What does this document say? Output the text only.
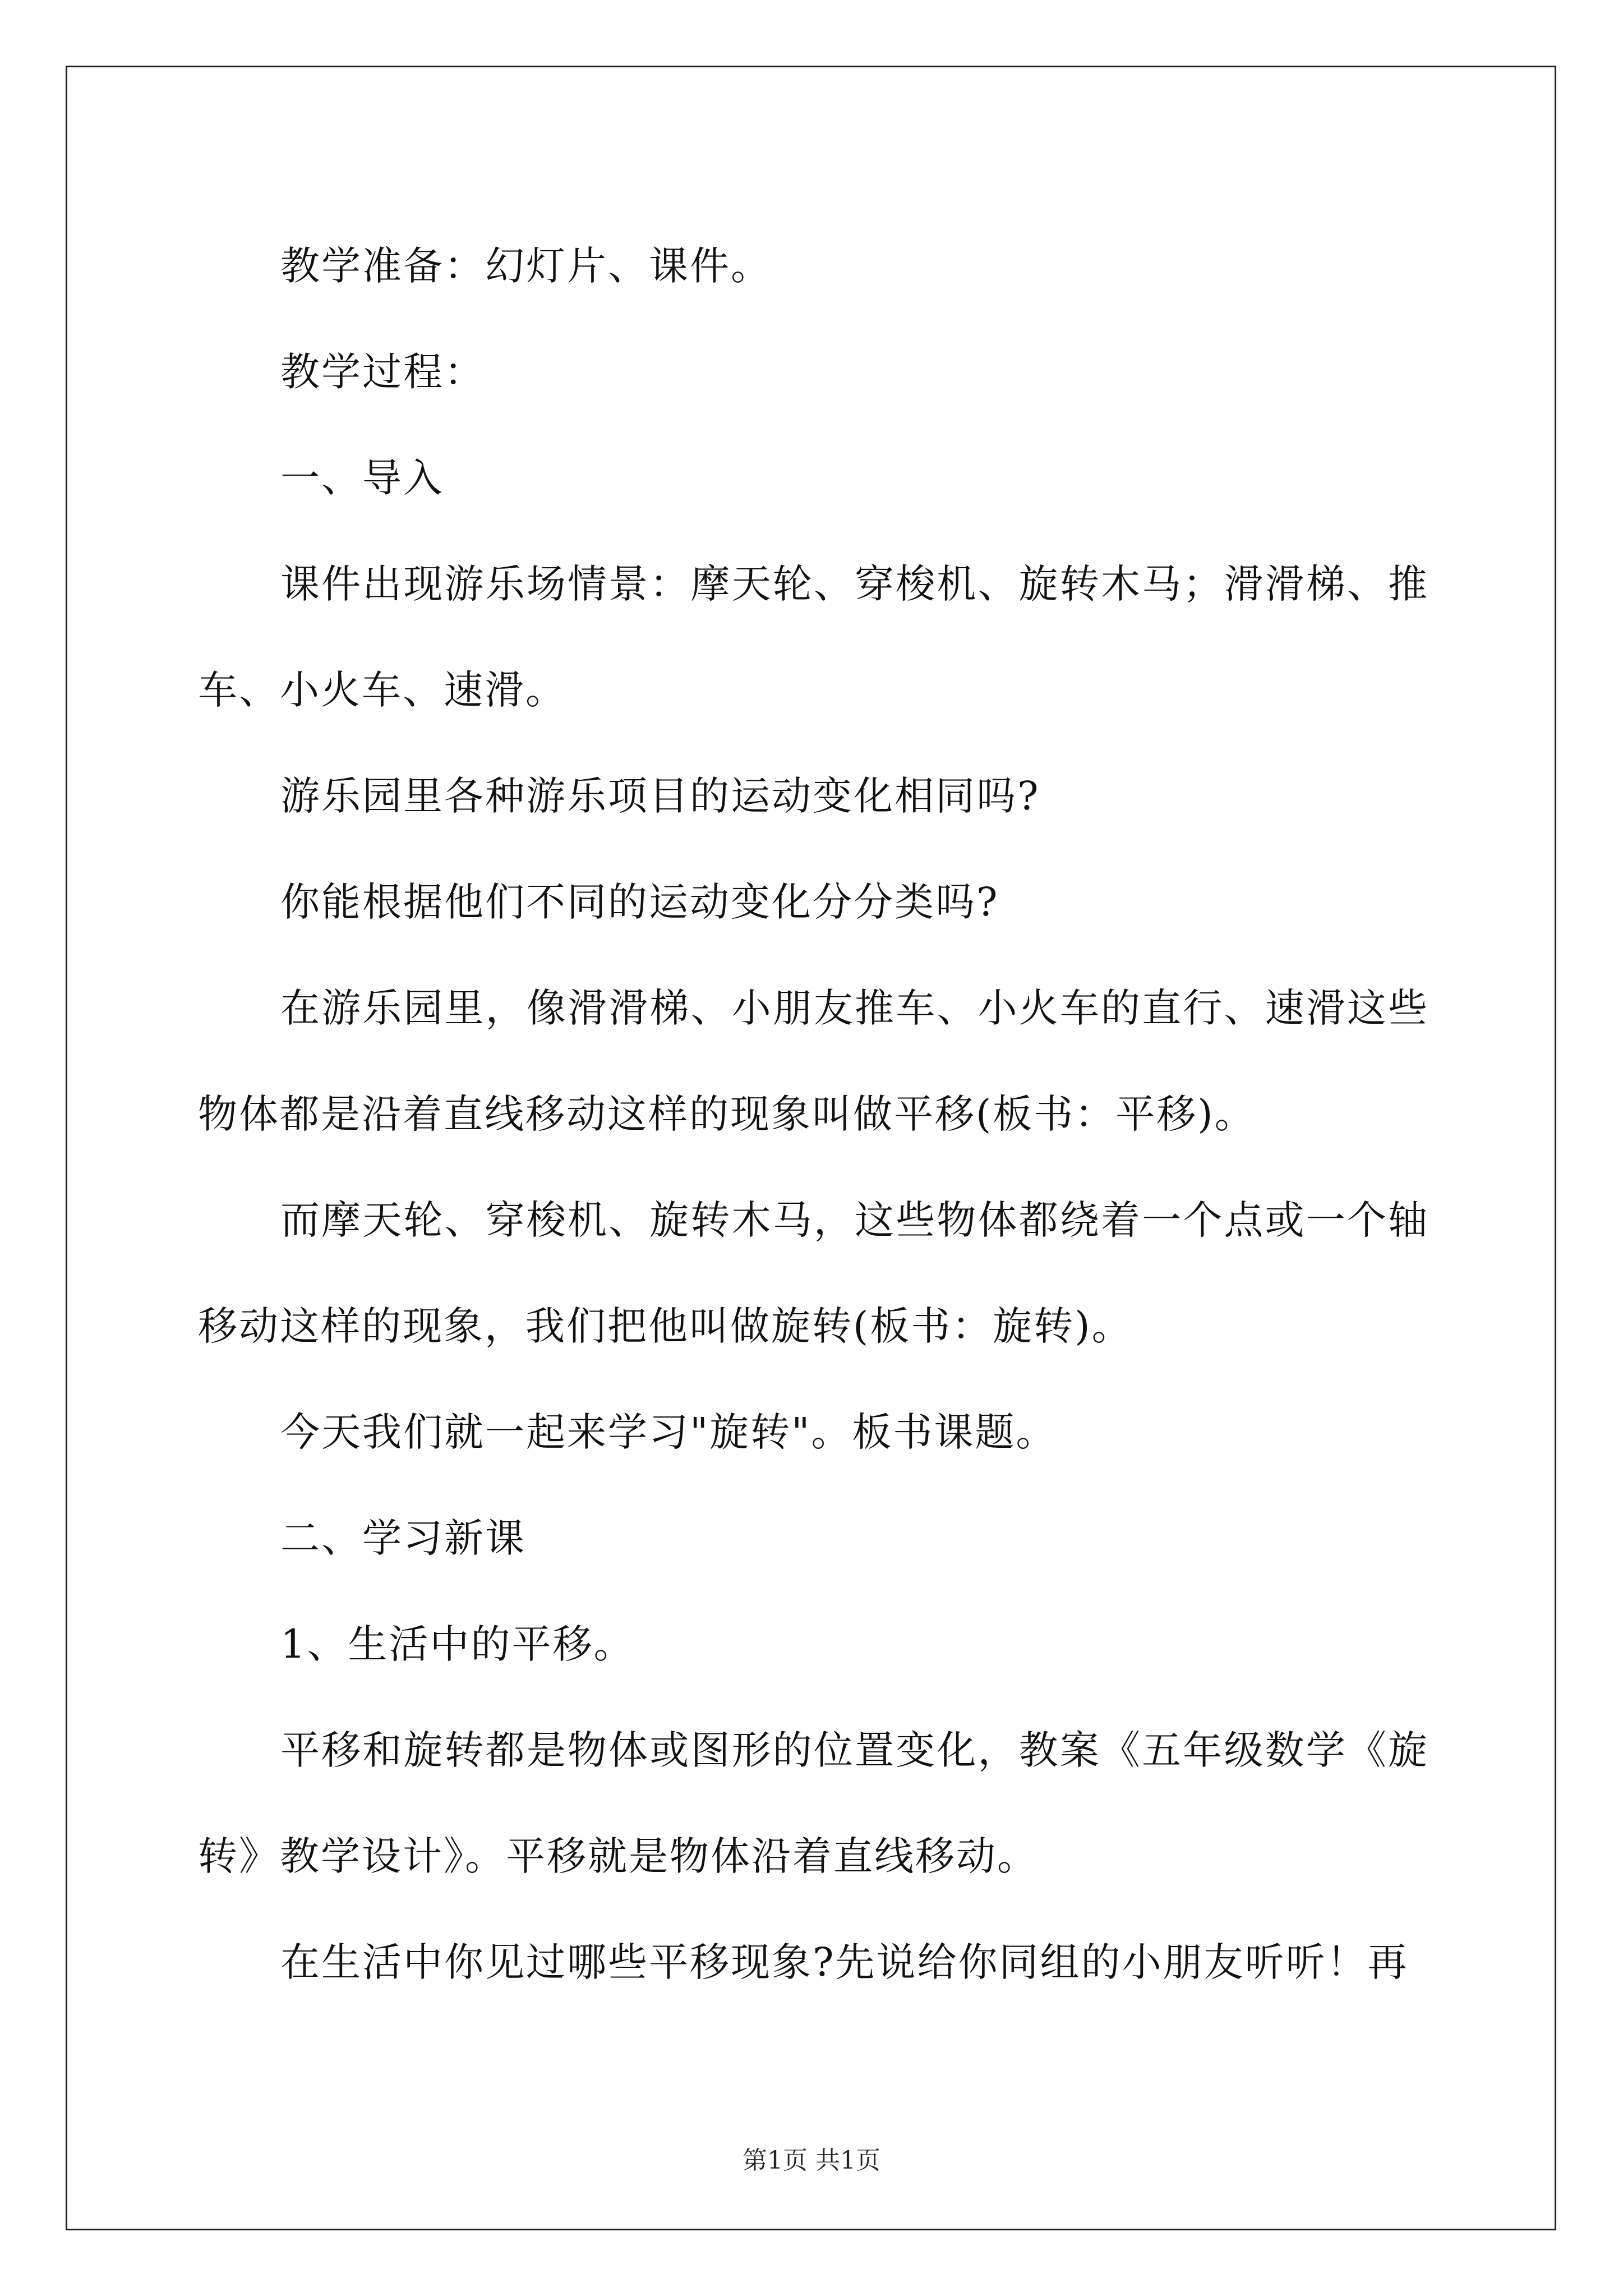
教学准备：幻灯片、课件。

教学过程：

一、导入

课件出现游乐场情景：摩天轮、穿梭机、旋转木马；滑滑梯、推车、小火车、速滑。

游乐园里各种游乐项目的运动变化相同吗?

你能根据他们不同的运动变化分分类吗?

在游乐园里，像滑滑梯、小朋友推车、小火车的直行、速滑这些物体都是沿着直线移动这样的现象叫做平移(板书：平移)。

而摩天轮、穿梭机、旋转木马，这些物体都绕着一个点或一个轴移动这样的现象，我们把他叫做旋转(板书：旋转)。

今天我们就一起来学习"旋转"。板书课题。

二、学习新课

1、生活中的平移。

平移和旋转都是物体或图形的位置变化，教案《五年级数学《旋转》教学设计》。平移就是物体沿着直线移动。

在生活中你见过哪些平移现象?先说给你同组的小朋友听听！再

第1页 共1页
